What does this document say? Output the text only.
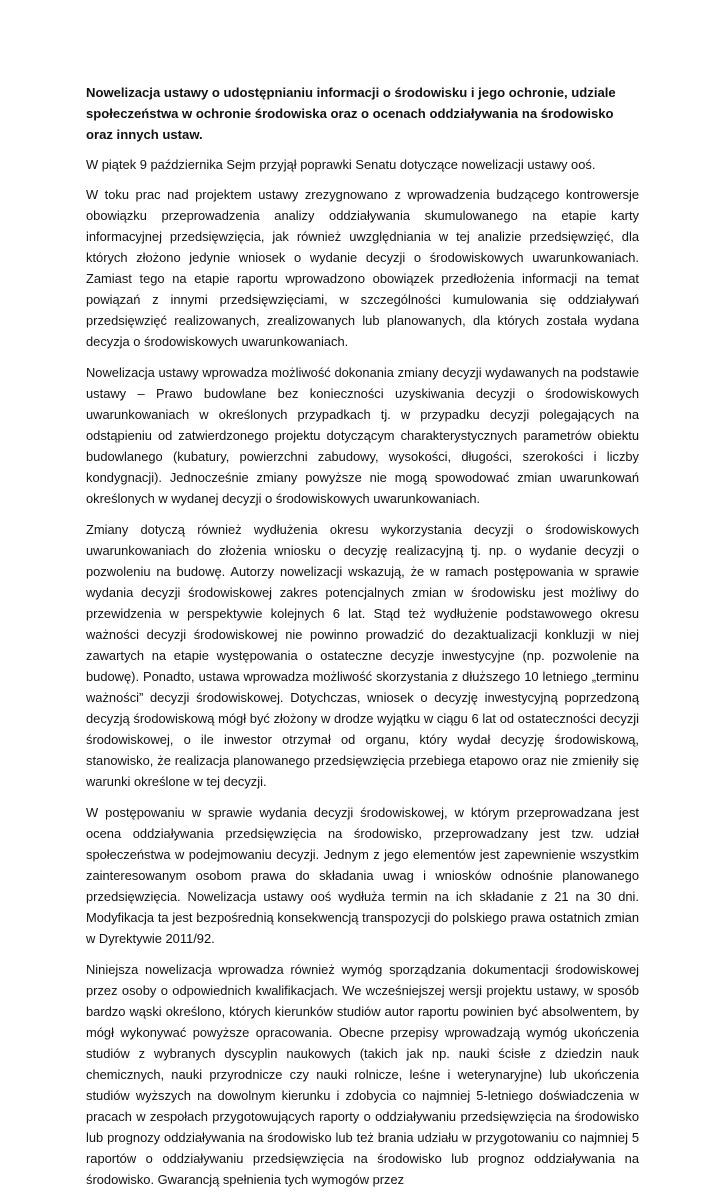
Nowelizacja ustawy o udostępnianiu informacji o środowisku i jego ochronie, udziale społeczeństwa w ochronie środowiska oraz o ocenach oddziaływania na środowisko oraz innych ustaw.

W piątek 9 października Sejm przyjął poprawki Senatu dotyczące nowelizacji ustawy ooś.

W toku prac nad projektem ustawy zrezygnowano z wprowadzenia budzącego kontrowersje obowiązku przeprowadzenia analizy oddziaływania skumulowanego na etapie karty informacyjnej przedsięwzięcia, jak również uwzględniania w tej analizie przedsięwzięć, dla których złożono jedynie wniosek o wydanie decyzji o środowiskowych uwarunkowaniach. Zamiast tego na etapie raportu wprowadzono obowiązek przedłożenia informacji na temat powiązań z innymi przedsięwzięciami, w szczególności kumulowania się oddziaływań przedsięwzięć realizowanych, zrealizowanych lub planowanych, dla których została wydana decyzja o środowiskowych uwarunkowaniach.

Nowelizacja ustawy wprowadza możliwość dokonania zmiany decyzji wydawanych na podstawie ustawy – Prawo budowlane bez konieczności uzyskiwania decyzji o środowiskowych uwarunkowaniach w określonych przypadkach tj. w przypadku decyzji polegających na odstąpieniu od zatwierdzonego projektu dotyczącym charakterystycznych parametrów obiektu budowlanego (kubatury, powierzchni zabudowy, wysokości, długości, szerokości i liczby kondygnacji). Jednocześnie zmiany powyższe nie mogą spowodować zmian uwarunkowań określonych w wydanej decyzji o środowiskowych uwarunkowaniach.

Zmiany dotyczą również wydłużenia okresu wykorzystania decyzji o środowiskowych uwarunkowaniach do złożenia wniosku o decyzję realizacyjną tj. np. o wydanie decyzji o pozwoleniu na budowę. Autorzy nowelizacji wskazują, że w ramach postępowania w sprawie wydania decyzji środowiskowej zakres potencjalnych zmian w środowisku jest możliwy do przewidzenia w perspektywie kolejnych 6 lat. Stąd też wydłużenie podstawowego okresu ważności decyzji środowiskowej nie powinno prowadzić do dezaktualizacji konkluzji w niej zawartych na etapie występowania o ostateczne decyzje inwestycyjne (np. pozwolenie na budowę). Ponadto, ustawa wprowadza możliwość skorzystania z dłuższego 10 letniego „terminu ważności” decyzji środowiskowej. Dotychczas, wniosek o decyzję inwestycyjną poprzedzoną decyzją środowiskową mógł być złożony w drodze wyjątku w ciągu 6 lat od ostateczności decyzji środowiskowej, o ile inwestor otrzymał od organu, który wydał decyzję środowiskową, stanowisko, że realizacja planowanego przedsięwzięcia przebiega etapowo oraz nie zmieniły się warunki określone w tej decyzji.

W postępowaniu w sprawie wydania decyzji środowiskowej, w którym przeprowadzana jest ocena oddziaływania przedsięwzięcia na środowisko, przeprowadzany jest tzw. udział społeczeństwa w podejmowaniu decyzji. Jednym z jego elementów jest zapewnienie wszystkim zainteresowanym osobom prawa do składania uwag i wniosków odnośnie planowanego przedsięwzięcia. Nowelizacja ustawy ooś wydłuża termin na ich składanie z 21 na 30 dni. Modyfikacja ta jest bezpośrednią konsekwencją transpozycji do polskiego prawa ostatnich zmian w Dyrektywie 2011/92.

Niniejsza nowelizacja wprowadza również wymóg sporządzania dokumentacji środowiskowej przez osoby o odpowiednich kwalifikacjach. We wcześniejszej wersji projektu ustawy, w sposób bardzo wąski określono, których kierunków studiów autor raportu powinien być absolwentem, by mógł wykonywać powyższe opracowania. Obecne przepisy wprowadzają wymóg ukończenia studiów z wybranych dyscyplin naukowych (takich jak np. nauki ścisłe z dziedzin nauk chemicznych, nauki przyrodnicze czy nauki rolnicze, leśne i weterynaryjne) lub ukończenia studiów wyższych na dowolnym kierunku i zdobycia co najmniej 5-letniego doświadczenia w pracach w zespołach przygotowujących raporty o oddziaływaniu przedsięwzięcia na środowisko lub prognozy oddziaływania na środowisko lub też brania udziału w przygotowaniu co najmniej 5 raportów o oddziaływaniu przedsięwzięcia na środowisko lub prognoz oddziaływania na środowisko. Gwarancją spełnienia tych wymogów przez
